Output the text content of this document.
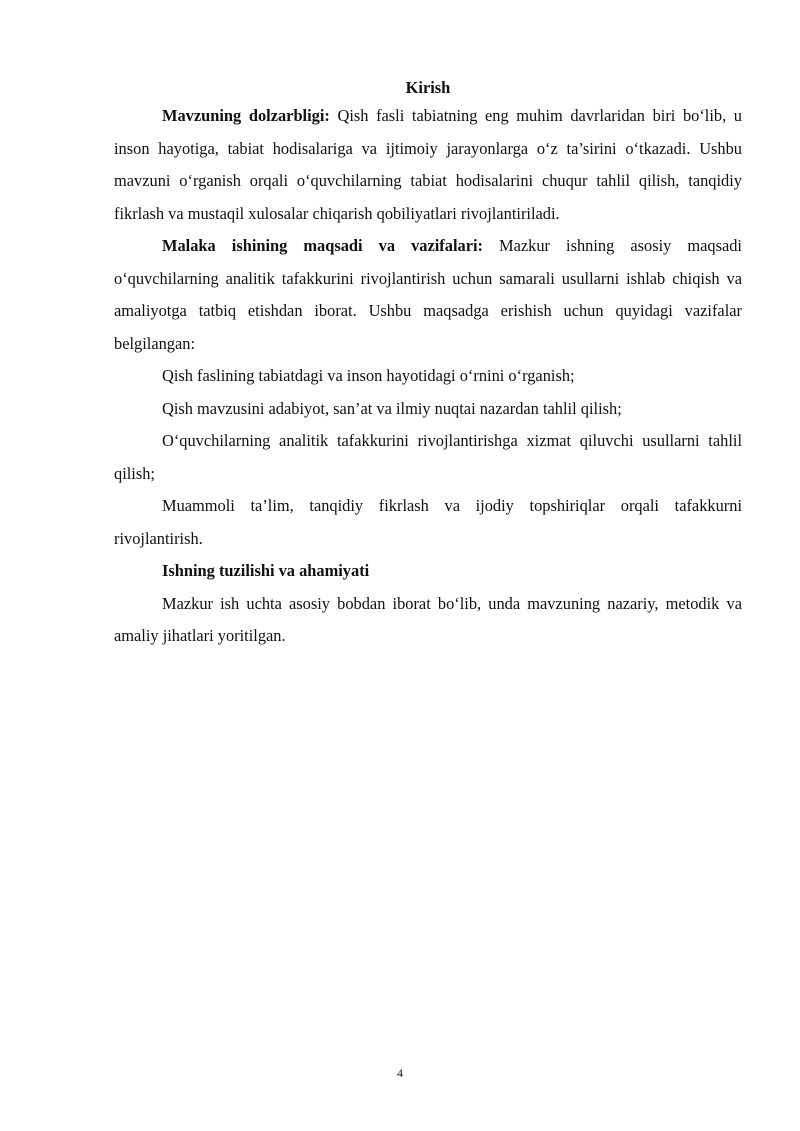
Kirish

Mavzuning dolzarbligi: Qish fasli tabiatning eng muhim davrlaridan biri bo‘lib, u inson hayotiga, tabiat hodisalariga va ijtimoiy jarayonlarga o‘z ta’sirini o‘tkazadi. Ushbu mavzuni o‘rganish orqali o‘quvchilarning tabiat hodisalarini chuqur tahlil qilish, tanqidiy fikrlash va mustaqil xulosalar chiqarish qobiliyatlari rivojlantiriladi.

Malaka ishining maqsadi va vazifalari: Mazkur ishning asosiy maqsadi o‘quvchilarning analitik tafakkurini rivojlantirish uchun samarali usullarni ishlab chiqish va amaliyotga tatbiq etishdan iborat. Ushbu maqsadga erishish uchun quyidagi vazifalar belgilangan:

Qish faslining tabiatdagi va inson hayotidagi o‘rnini o‘rganish;

Qish mavzusini adabiyot, san’at va ilmiy nuqtai nazardan tahlil qilish;

O‘quvchilarning analitik tafakkurini rivojlantirishga xizmat qiluvchi usullarni tahlil qilish;

Muammoli ta’lim, tanqidiy fikrlash va ijodiy topshiriqlar orqali tafakkurni rivojlantirish.

Ishning tuzilishi va ahamiyati

Mazkur ish uchta asosiy bobdan iborat bo‘lib, unda mavzuning nazariy, metodik va amaliy jihatlari yoritilgan.

4
